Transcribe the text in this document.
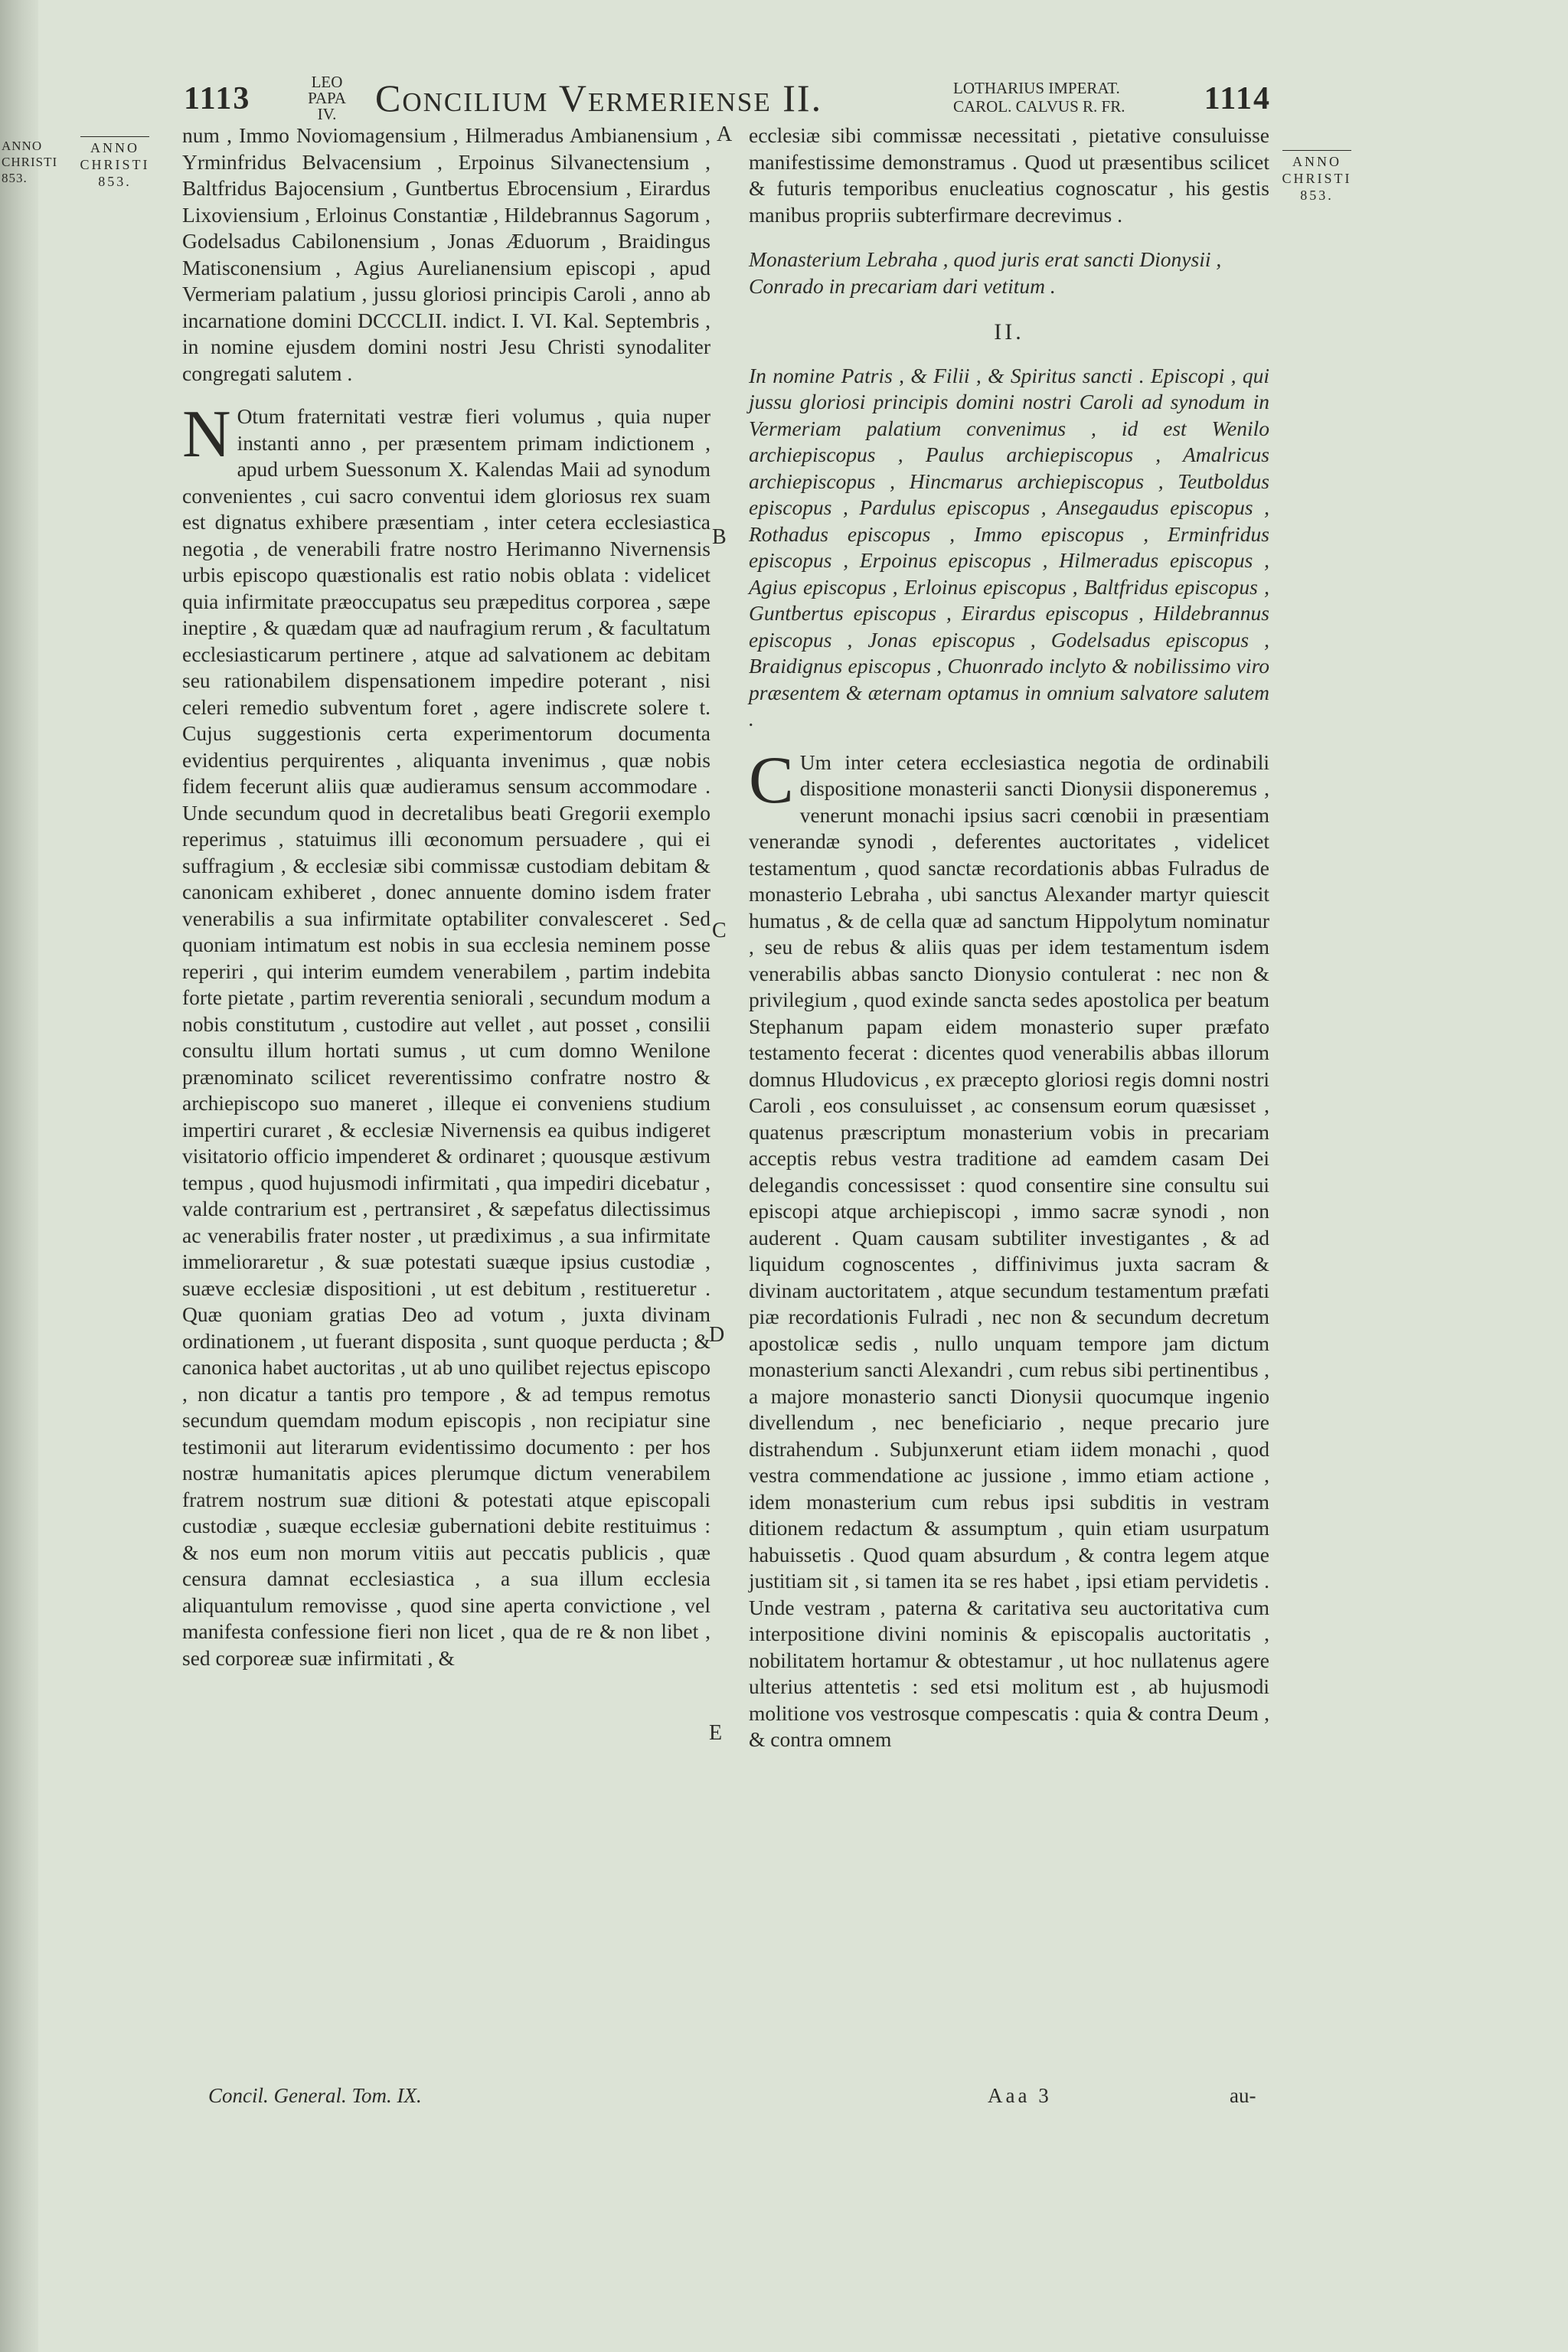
ANNO
CHRISTI
853.
1113	LEO PAPA
IV.	Concilium Vermeriense II.	LOTHARIUS IMPERAT.
CAROL. CALVUS R. FR. 1114
ANNO
CHRISTI
853.
ANNO
CHRISTI
853.
A
B
C
D
E

num , Immo Noviomagensium , Hilmeradus Ambianensium , Yrminfridus Belvacensium , Erpoinus Silvanectensium , Baltfridus Bajocensium , Guntbertus Ebrocensium , Eirardus Lixoviensium , Erloinus Constantiæ , Hildebrannus Sagorum , Godelsadus Cabilonensium , Jonas Æduorum , Braidingus Matisconensium , Agius Aurelianensium episcopi , apud Vermeriam palatium , jussu gloriosi principis Caroli , anno ab incarnatione domini DCCCLII. indict. I. VI. Kal. Septembris , in nomine ejusdem domini nostri Jesu Christi synodaliter congregati salutem .

N Otum fraternitati vestræ fieri volumus , quia nuper instanti anno , per præsentem primam indictionem , apud urbem Suessonum X. Kalendas Maii ad synodum convenientes , cui sacro conventui idem gloriosus rex suam est dignatus exhibere præsentiam , inter cetera ecclesiastica negotia , de venerabili fratre nostro Herimanno Nivernensis urbis episcopo quæstionalis est ratio nobis oblata : videlicet quia infirmitate præoccupatus seu præpeditus corporea , sæpe ineptire , & quædam quæ ad naufragium rerum , & facultatum ecclesiasticarum pertinere , atque ad salvationem ac debitam seu rationabilem dispensationem impedire poterant , nisi celeri remedio subventum foret , agere indiscrete solere t. Cujus suggestionis certa experimentorum documenta evidentius perquirentes , aliquanta invenimus , quæ nobis fidem fecerunt aliis quæ audieramus sensum accommodare . Unde secundum quod in decretalibus beati Gregorii exemplo reperimus , statuimus illi œconomum persuadere , qui ei suffragium , & ecclesiæ sibi commissæ custodiam debitam & canonicam exhiberet , donec annuente domino isdem frater venerabilis a sua infirmitate optabiliter convalesceret . Sed quoniam intimatum est nobis in sua ecclesia neminem posse reperiri , qui interim eumdem venerabilem , partim indebita forte pietate , partim reverentia seniorali , secundum modum a nobis constitutum , custodire aut vellet , aut posset , consilii consultu illum hortati sumus , ut cum domno Wenilone prænominato scilicet reverentissimo confratre nostro & archiepiscopo suo maneret , illeque ei conveniens studium impertiri curaret , & ecclesiæ Nivernensis ea quibus indigeret visitatorio officio impenderet & ordinaret ; quousque æstivum tempus , quod hujusmodi infirmitati , qua impediri dicebatur , valde contrarium est , pertransiret , & sæpefatus dilectissimus ac venerabilis frater noster , ut prædiximus , a sua infirmitate immelioraretur , & suæ potestati suæque ipsius custodiæ , suæve ecclesiæ dispositioni , ut est debitum , restitueretur . Quæ quoniam gratias Deo ad votum , juxta divinam ordinationem , ut fuerant disposita , sunt quoque perducta ; & canonica habet auctoritas , ut ab uno quilibet rejectus episcopo , non dicatur a tantis pro tempore , & ad tempus remotus secundum quemdam modum episcopis , non recipiatur sine testimonii aut literarum evidentissimo documento : per hos nostræ humanitatis apices plerumque dictum venerabilem fratrem nostrum suæ ditioni & potestati atque episcopali custodiæ , suæque ecclesiæ gubernationi debite restituimus : & nos eum non morum vitiis aut peccatis publicis , quæ censura damnat ecclesiastica , a sua illum ecclesia aliquantulum removisse , quod sine aperta convictione , vel manifesta confessione fieri non licet , qua de re & non libet , sed corporeæ suæ infirmitati , &

ecclesiæ sibi commissæ necessitati , pietative consuluisse manifestissime demonstramus . Quod ut præsentibus scilicet & futuris temporibus enucleatius cognoscatur , his gestis manibus propriis subterfirmare decrevimus .

Monasterium Lebraha , quod juris erat sancti Dionysii , Conrado in precariam dari vetitum .

II.

In nomine Patris , & Filii , & Spiritus sancti . Episcopi , qui jussu gloriosi principis domini nostri Caroli ad synodum in Vermeriam palatium convenimus , id est Wenilo archiepiscopus , Paulus archiepiscopus , Amalricus archiepiscopus , Hincmarus archiepiscopus , Teutboldus episcopus , Pardulus episcopus , Ansegaudus episcopus , Rothadus episcopus , Immo episcopus , Erminfridus episcopus , Erpoinus episcopus , Hilmeradus episcopus , Agius episcopus , Erloinus episcopus , Baltfridus episcopus , Guntbertus episcopus , Eirardus episcopus , Hildebrannus episcopus , Jonas episcopus , Godelsadus episcopus , Braidignus episcopus , Chuonrado inclyto & nobilissimo viro præsentem & æternam optamus in omnium salvatore salutem .

C Um inter cetera ecclesiastica negotia de ordinabili dispositione monasterii sancti Dionysii disponeremus , venerunt monachi ipsius sacri cœnobii in præsentiam venerandæ synodi , deferentes auctoritates , videlicet testamentum , quod sanctæ recordationis abbas Fulradus de monasterio Lebraha , ubi sanctus Alexander martyr quiescit humatus , & de cella quæ ad sanctum Hippolytum nominatur , seu de rebus & aliis quas per idem testamentum isdem venerabilis abbas sancto Dionysio contulerat : nec non & privilegium , quod exinde sancta sedes apostolica per beatum Stephanum papam eidem monasterio super præfato testamento fecerat : dicentes quod venerabilis abbas illorum domnus Hludovicus , ex præcepto gloriosi regis domni nostri Caroli , eos consuluisset , ac consensum eorum quæsisset , quatenus præscriptum monasterium vobis in precariam acceptis rebus vestra traditione ad eamdem casam Dei delegandis concessisset : quod consentire sine consultu sui episcopi atque archiepiscopi , immo sacræ synodi , non auderent . Quam causam subtiliter investigantes , & ad liquidum cognoscentes , diffinivimus juxta sacram & divinam auctoritatem , atque secundum testamentum præfati piæ recordationis Fulradi , nec non & secundum decretum apostolicæ sedis , nullo unquam tempore jam dictum monasterium sancti Alexandri , cum rebus sibi pertinentibus , a majore monasterio sancti Dionysii quocumque ingenio divellendum , nec beneficiario , neque precario jure distrahendum . Subjunxerunt etiam iidem monachi , quod vestra commendatione ac jussione , immo etiam actione , idem monasterium cum rebus ipsi subditis in vestram ditionem redactum & assumptum , quin etiam usurpatum habuissetis . Quod quam absurdum , & contra legem atque justitiam sit , si tamen ita se res habet , ipsi etiam pervidetis . Unde vestram , paterna & caritativa seu auctoritativa cum interpositione divini nominis & episcopalis auctoritatis , nobilitatem hortamur & obtestamur , ut hoc nullatenus agere ulterius attentetis : sed etsi molitum est , ab hujusmodi molitione vos vestrosque compescatis : quia & contra Deum , & contra omnem

Concil. General. Tom. IX.	Aaa 3	au-
